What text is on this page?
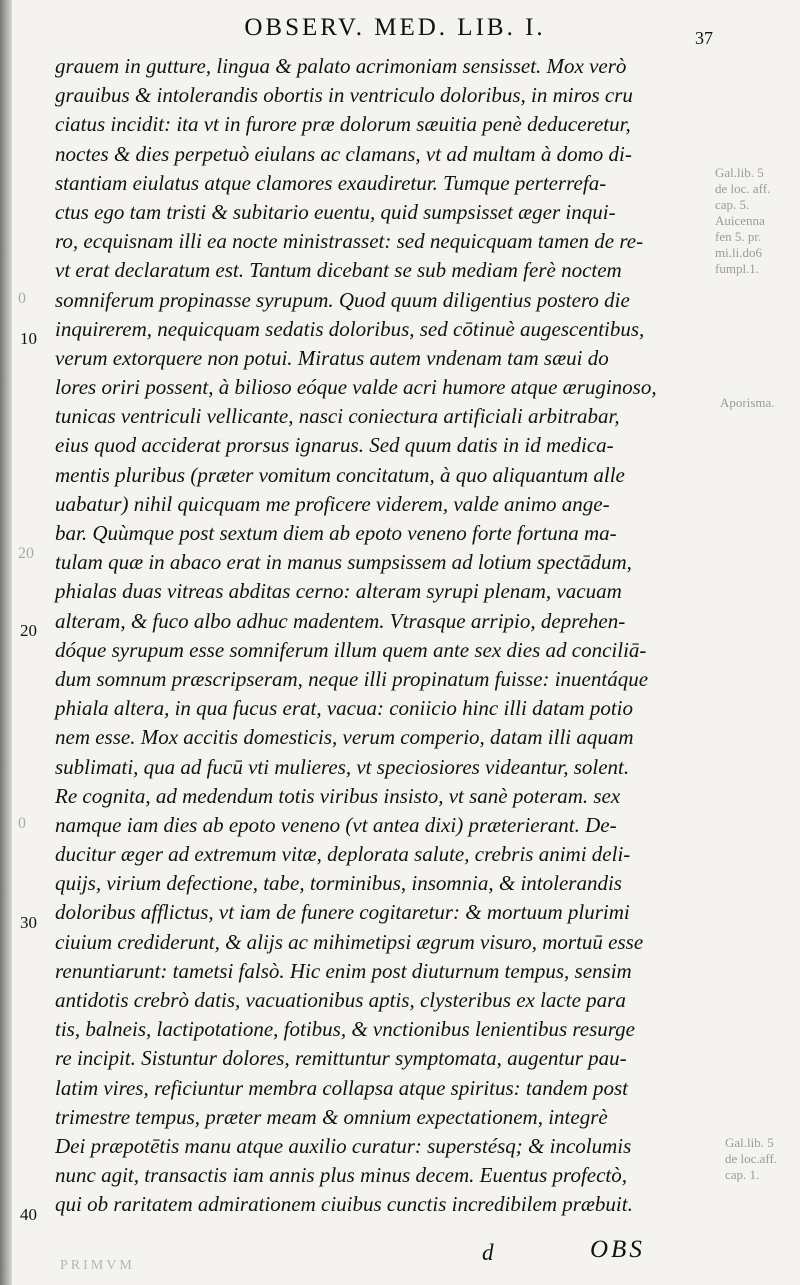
OBSERV. MED. LIB. I.	37
Gal.lib. 5
de loc. aff.
cap. 5.
Auicenna
fen 5. pr.
mi.li.do6
fumpl.1.
Aporisma.
Gal.lib. 5
de loc.aff.
cap. 1.
0
20
0
PRIMVM
10
20
30
40
grauem in gutture, lingua & palato acrimoniam sensisset. Mox verò
grauibus & intolerandis obortis in ventriculo doloribus, in miros cru
ciatus incidit: ita vt in furore præ dolorum sæuitia penè deduceretur,
noctes & dies perpetuò eiulans ac clamans, vt ad multam à domo di-
stantiam eiulatus atque clamores exaudiretur. Tumque perterrefa-
ctus ego tam tristi & subitario euentu, quid sumpsisset æger inqui-
ro, ecquisnam illi ea nocte ministrasset: sed nequicquam tamen de re-
vt erat declaratum est. Tantum dicebant se sub mediam ferè noctem
somniferum propinasse syrupum. Quod quum diligentius postero die
inquirerem, nequicquam sedatis doloribus, sed cōtinuè augescentibus,
verum extorquere non potui. Miratus autem vndenam tam sæui do
lores oriri possent, à bilioso eóque valde acri humore atque æruginoso,
tunicas ventriculi vellicante, nasci coniectura artificiali arbitrabar,
eius quod acciderat prorsus ignarus. Sed quum datis in id medica-
mentis pluribus (præter vomitum concitatum, à quo aliquantum alle
uabatur) nihil quicquam me proficere viderem, valde animo ange-
bar. Quùmque post sextum diem ab epoto veneno forte fortuna ma-
tulam quæ in abaco erat in manus sumpsissem ad lotium spectādum,
phialas duas vitreas abditas cerno: alteram syrupi plenam, vacuam
alteram, & fuco albo adhuc madentem. Vtrasque arripio, deprehen-
dóque syrupum esse somniferum illum quem ante sex dies ad conciliā-
dum somnum præscripseram, neque illi propinatum fuisse: inuentáque
phiala altera, in qua fucus erat, vacua: coniicio hinc illi datam potio
nem esse. Mox accitis domesticis, verum comperio, datam illi aquam
sublimati, qua ad fucū vti mulieres, vt speciosiores videantur, solent.
Re cognita, ad medendum totis viribus insisto, vt sanè poteram. sex
namque iam dies ab epoto veneno (vt antea dixi) præterierant. De-
ducitur æger ad extremum vitæ, deplorata salute, crebris animi deli-
quijs, virium defectione, tabe, torminibus, insomnia, & intolerandis
doloribus afflictus, vt iam de funere cogitaretur: & mortuum plurimi
ciuium crediderunt, & alijs ac mihimetipsi ægrum visuro, mortuū esse
renuntiarunt: tametsi falsò. Hic enim post diuturnum tempus, sensim
antidotis crebrò datis, vacuationibus aptis, clysteribus ex lacte para
tis, balneis, lactipotatione, fotibus, & vnctionibus lenientibus resurge
re incipit. Sistuntur dolores, remittuntur symptomata, augentur pau-
latim vires, reficiuntur membra collapsa atque spiritus: tandem post
trimestre tempus, præter meam & omnium expectationem, integrè
Dei præpotētis manu atque auxilio curatur: superstésq; & incolumis
nunc agit, transactis iam annis plus minus decem. Euentus profectò,
qui ob raritatem admirationem ciuibus cunctis incredibilem præbuit.
d	OBS
